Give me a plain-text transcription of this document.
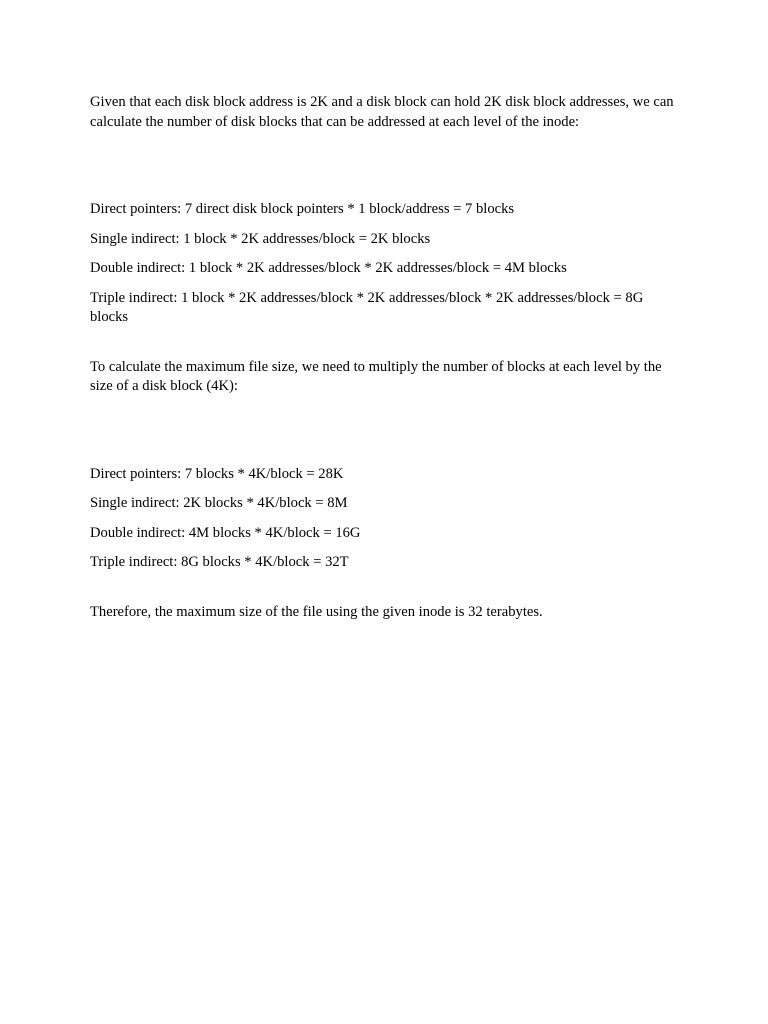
Given that each disk block address is 2K and a disk block can hold 2K disk block addresses, we can calculate the number of disk blocks that can be addressed at each level of the inode:

Direct pointers: 7 direct disk block pointers * 1 block/address = 7 blocks

Single indirect: 1 block * 2K addresses/block = 2K blocks

Double indirect: 1 block * 2K addresses/block * 2K addresses/block = 4M blocks

Triple indirect: 1 block * 2K addresses/block * 2K addresses/block * 2K addresses/block = 8G blocks

To calculate the maximum file size, we need to multiply the number of blocks at each level by the size of a disk block (4K):

Direct pointers: 7 blocks * 4K/block = 28K

Single indirect: 2K blocks * 4K/block = 8M

Double indirect: 4M blocks * 4K/block = 16G

Triple indirect: 8G blocks * 4K/block = 32T

Therefore, the maximum size of the file using the given inode is 32 terabytes.
